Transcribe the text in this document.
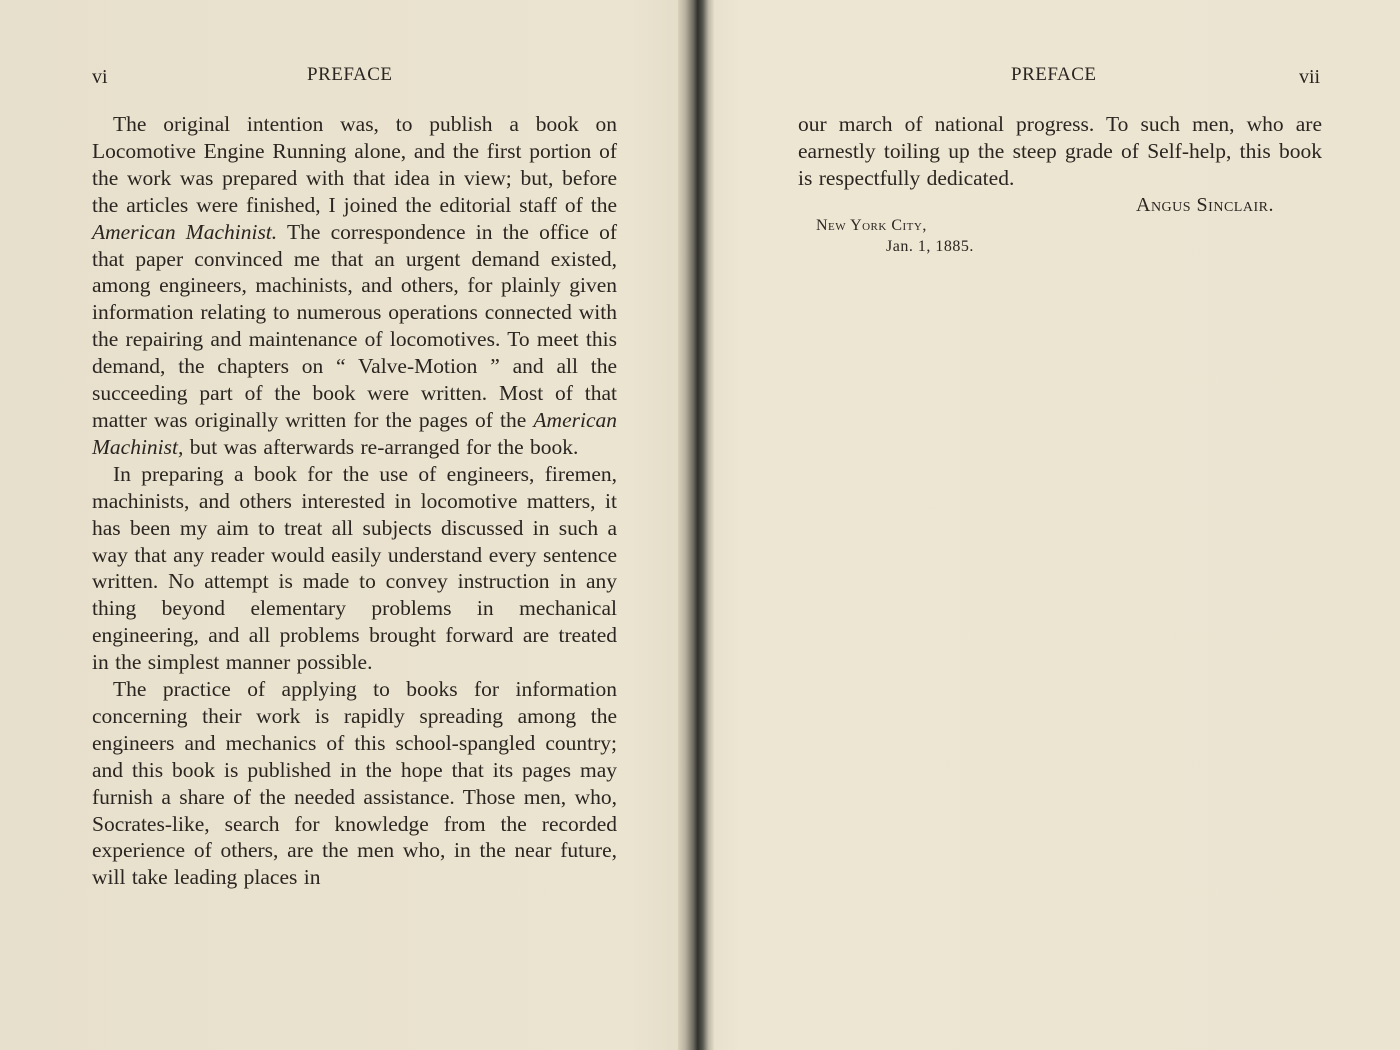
vi	PREFACE

The original intention was, to publish a book on Locomotive Engine Running alone, and the first portion of the work was prepared with that idea in view; but, before the articles were finished, I joined the editorial staff of the American Machinist. The correspondence in the office of that paper convinced me that an urgent demand existed, among engineers, machinists, and others, for plainly given information relating to numerous operations connected with the repairing and maintenance of locomotives. To meet this demand, the chapters on “ Valve-Motion ” and all the succeeding part of the book were written. Most of that matter was originally written for the pages of the American Machinist, but was afterwards re-arranged for the book.

In preparing a book for the use of engineers, firemen, machinists, and others interested in locomotive matters, it has been my aim to treat all subjects discussed in such a way that any reader would easily understand every sentence written. No attempt is made to convey instruction in any thing beyond elementary problems in mechanical engineering, and all problems brought forward are treated in the simplest manner possible.

The practice of applying to books for information concerning their work is rapidly spreading among the engineers and mechanics of this school-spangled country; and this book is published in the hope that its pages may furnish a share of the needed assistance. Those men, who, Socrates-like, search for knowledge from the recorded experience of others, are the men who, in the near future, will take leading places in

PREFACE	vii

our march of national progress. To such men, who are earnestly toiling up the steep grade of Self-help, this book is respectfully dedicated.

Angus Sinclair.
New York City,
Jan. 1, 1885.
